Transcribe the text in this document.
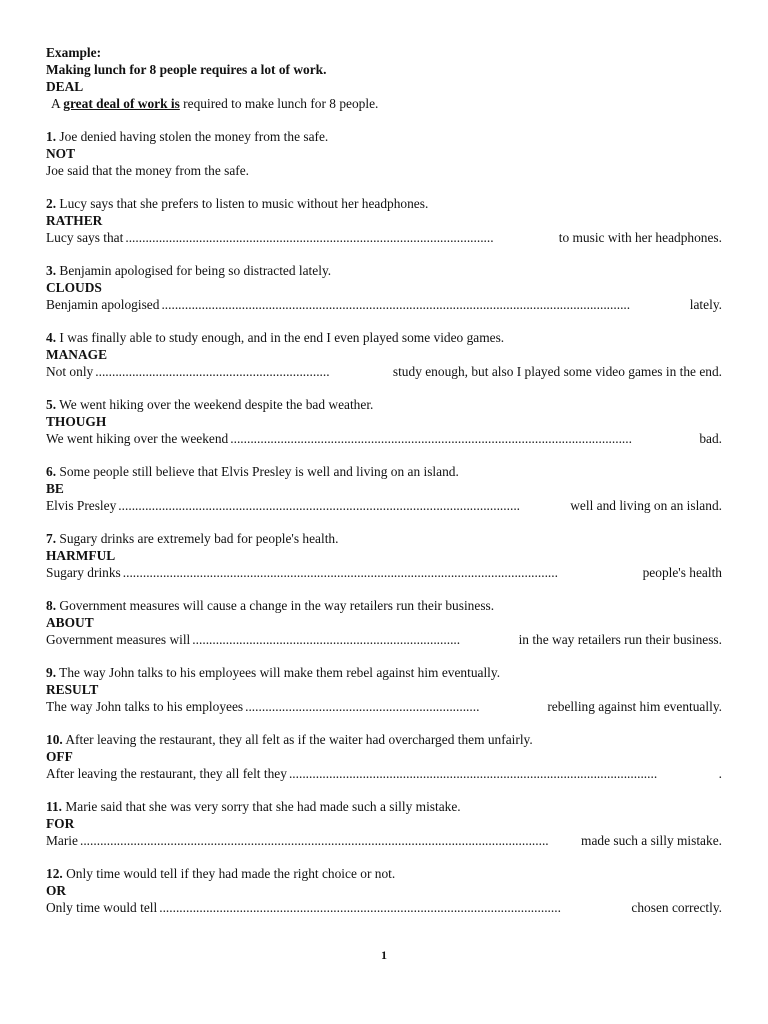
Example:
Making lunch for 8 people requires a lot of work.
DEAL
A great deal of work is required to make lunch for 8 people.
1. Joe denied having stolen the money from the safe.
NOT
Joe said that the money from the safe.
2. Lucy says that she prefers to listen to music without her headphones.
RATHER
Lucy says that ..............................................................................................................	to music with her headphones.
3. Benjamin apologised for being so distracted lately.
CLOUDS
Benjamin apologised ............................................................................................................................................	lately.
4. I was finally able to study enough, and in the end I even played some video games.
MANAGE
Not only ......................................................................	study enough, but also I played some video games in the end.
5. We went hiking over the weekend despite the bad weather.
THOUGH
We went hiking over the weekend ........................................................................................................................	bad.
6. Some people still believe that Elvis Presley is well and living on an island.
BE
Elvis Presley ........................................................................................................................	well and living on an island.
7. Sugary drinks are extremely bad for people's health.
HARMFUL
Sugary drinks ..................................................................................................................................	people's health
8. Government measures will cause a change in the way retailers run their business.
ABOUT
Government measures will ................................................................................	in the way retailers run their business.
9. The way John talks to his employees will make them rebel against him eventually.
RESULT
The way John talks to his employees ......................................................................	rebelling against him eventually.
10. After leaving the restaurant, they all felt as if the waiter had overcharged them unfairly.
OFF
After leaving the restaurant, they all felt they ..............................................................................................................	.
11. Marie said that she was very sorry that she had made such a silly mistake.
FOR
Marie ............................................................................................................................................	made such a silly mistake.
12. Only time would tell if they had made the right choice or not.
OR
Only time would tell ........................................................................................................................	chosen correctly.
1
